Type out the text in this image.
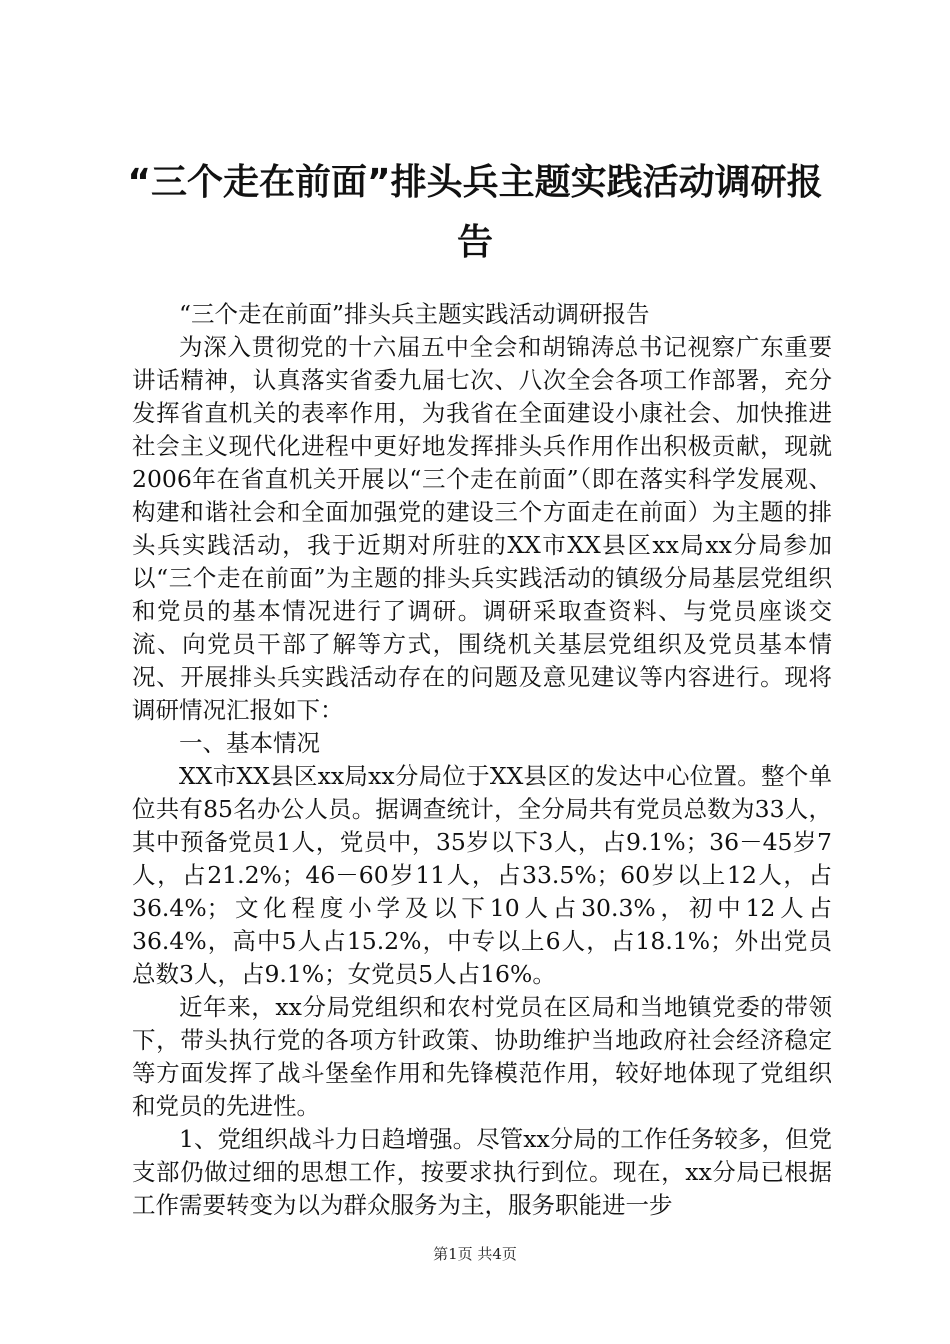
“三个走在前面”排头兵主题实践活动调研报
告

“三个走在前面”排头兵主题实践活动调研报告

为深入贯彻党的十六届五中全会和胡锦涛总书记视察广东重要讲话精神，认真落实省委九届七次、八次全会各项工作部署，充分发挥省直机关的表率作用，为我省在全面建设小康社会、加快推进社会主义现代化进程中更好地发挥排头兵作用作出积极贡献，现就2006年在省直机关开展以“三个走在前面”（即在落实科学发展观、构建和谐社会和全面加强党的建设三个方面走在前面）为主题的排头兵实践活动，我于近期对所驻的XX市XX县区xx局xx分局参加以“三个走在前面”为主题的排头兵实践活动的镇级分局基层党组织和党员的基本情况进行了调研。调研采取查资料、与党员座谈交流、向党员干部了解等方式，围绕机关基层党组织及党员基本情况、开展排头兵实践活动存在的问题及意见建议等内容进行。现将调研情况汇报如下：

一、基本情况

XX市XX县区xx局xx分局位于XX县区的发达中心位置。整个单位共有85名办公人员。据调查统计，全分局共有党员总数为33人，其中预备党员1人，党员中，35岁以下3人，占9.1%；36－45岁7人，占21.2%；46－60岁11人，占33.5%；60岁以上12人，占36.4%；文化程度小学及以下10人占30.3%，初中12人占36.4%，高中5人占15.2%，中专以上6人，占18.1%；外出党员总数3人，占9.1%；女党员5人占16%。

近年来，xx分局党组织和农村党员在区局和当地镇党委的带领下，带头执行党的各项方针政策、协助维护当地政府社会经济稳定等方面发挥了战斗堡垒作用和先锋模范作用，较好地体现了党组织和党员的先进性。

1、党组织战斗力日趋增强。尽管xx分局的工作任务较多，但党支部仍做过细的思想工作，按要求执行到位。现在，xx分局已根据工作需要转变为以为群众服务为主，服务职能进一步

第1页 共4页
